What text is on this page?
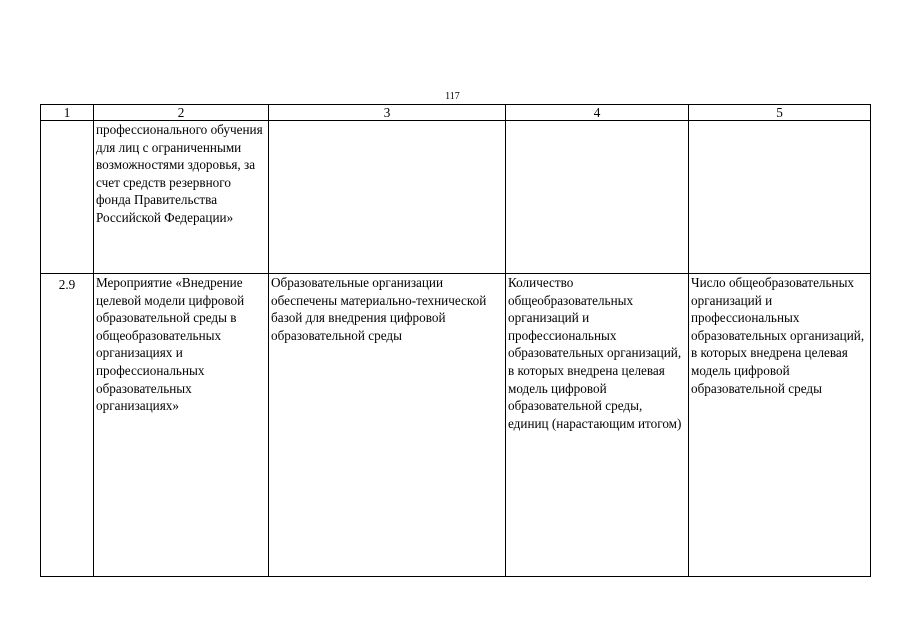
117
1	2	3	4	5
	профессионального обучения для лиц с ограниченными возможностями здоровья, за счет средств резервного фонда Правительства Российской Федерации»			
2.9	Мероприятие «Внедрение целевой модели цифровой образовательной среды в общеобразовательных организациях и профессиональных образовательных организациях»	Образовательные организации обеспечены материально-технической базой для внедрения цифровой образовательной среды	Количество общеобразовательных организаций и профессиональных образовательных организаций, в которых внедрена целевая модель цифровой образовательной среды, единиц (нарастающим итогом)	Число общеобразовательных организаций и профессиональных образовательных организаций, в которых внедрена целевая модель цифровой образовательной среды
